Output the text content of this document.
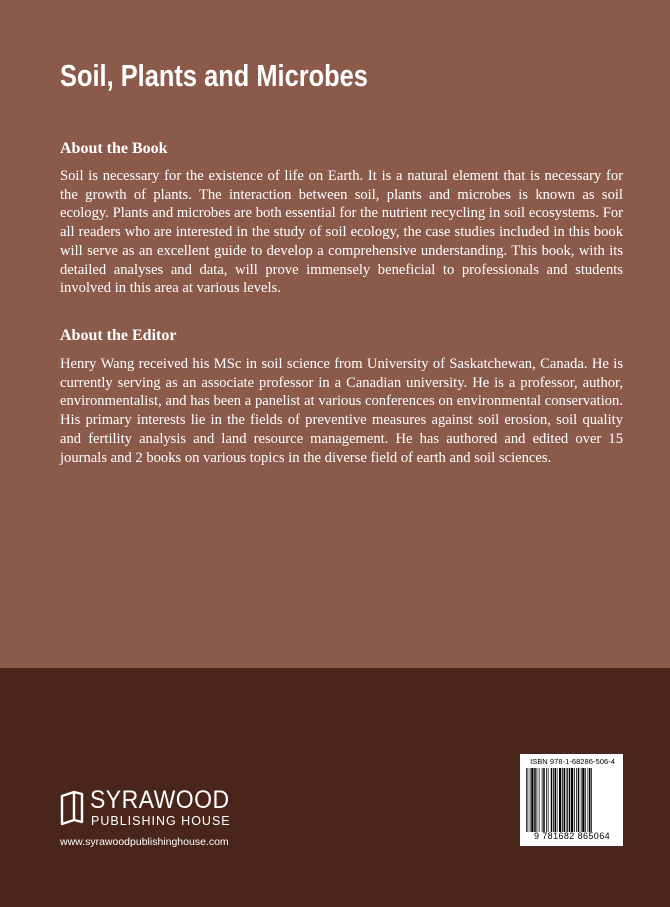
Soil, Plants and Microbes
About the Book

Soil is necessary for the existence of life on Earth. It is a natural element that is necessary for the growth of plants. The interaction between soil, plants and microbes is known as soil ecology. Plants and microbes are both essential for the nutrient recycling in soil ecosystems. For all readers who are interested in the study of soil ecology, the case studies included in this book will serve as an excellent guide to develop a comprehensive understanding. This book, with its detailed analyses and data, will prove immensely beneficial to professionals and students involved in this area at various levels.

About the Editor

Henry Wang received his MSc in soil science from University of Saskatchewan, Canada. He is currently serving as an associate professor in a Canadian university. He is a professor, author, environmentalist, and has been a panelist at various conferences on environmental conservation. His primary interests lie in the fields of preventive measures against soil erosion, soil quality and fertility analysis and land resource management. He has authored and edited over 15 journals and 2 books on various topics in the diverse field of earth and soil sciences.

SYRAWOOD
PUBLISHING HOUSE
www.syrawoodpublishinghouse.com
ISBN 978-1-68286-506-4
9 781682 865064
